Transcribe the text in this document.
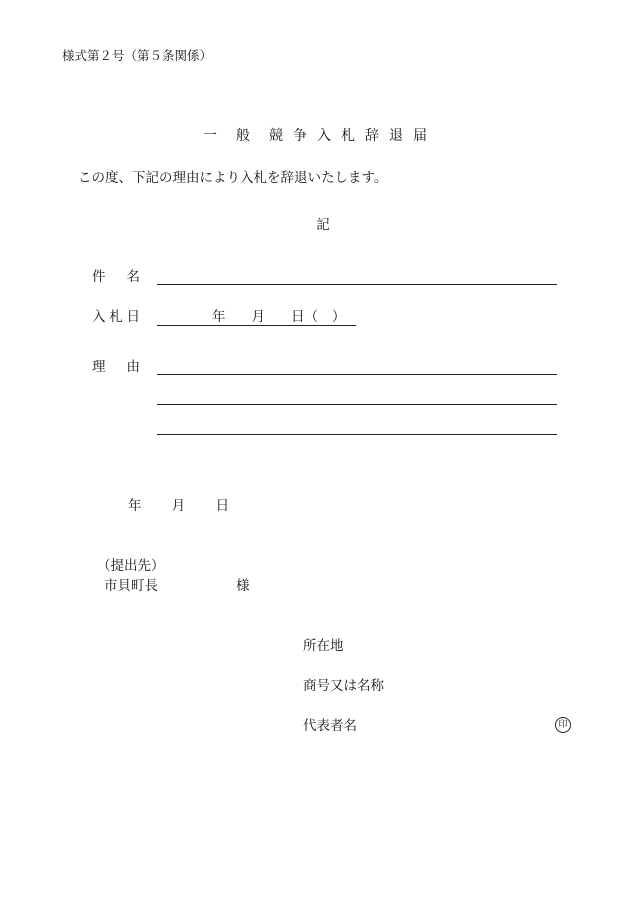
様式第２号（第５条関係）
一 般 競 争 入 札 辞 退 届
この度、下記の理由により入札を辞退いたします。
記
件 名
入 札 日	年 月 日（ ）
理 由
年 月 日
（提出先）
市貝町長	様
所在地
商号又は名称
代表者名	印
